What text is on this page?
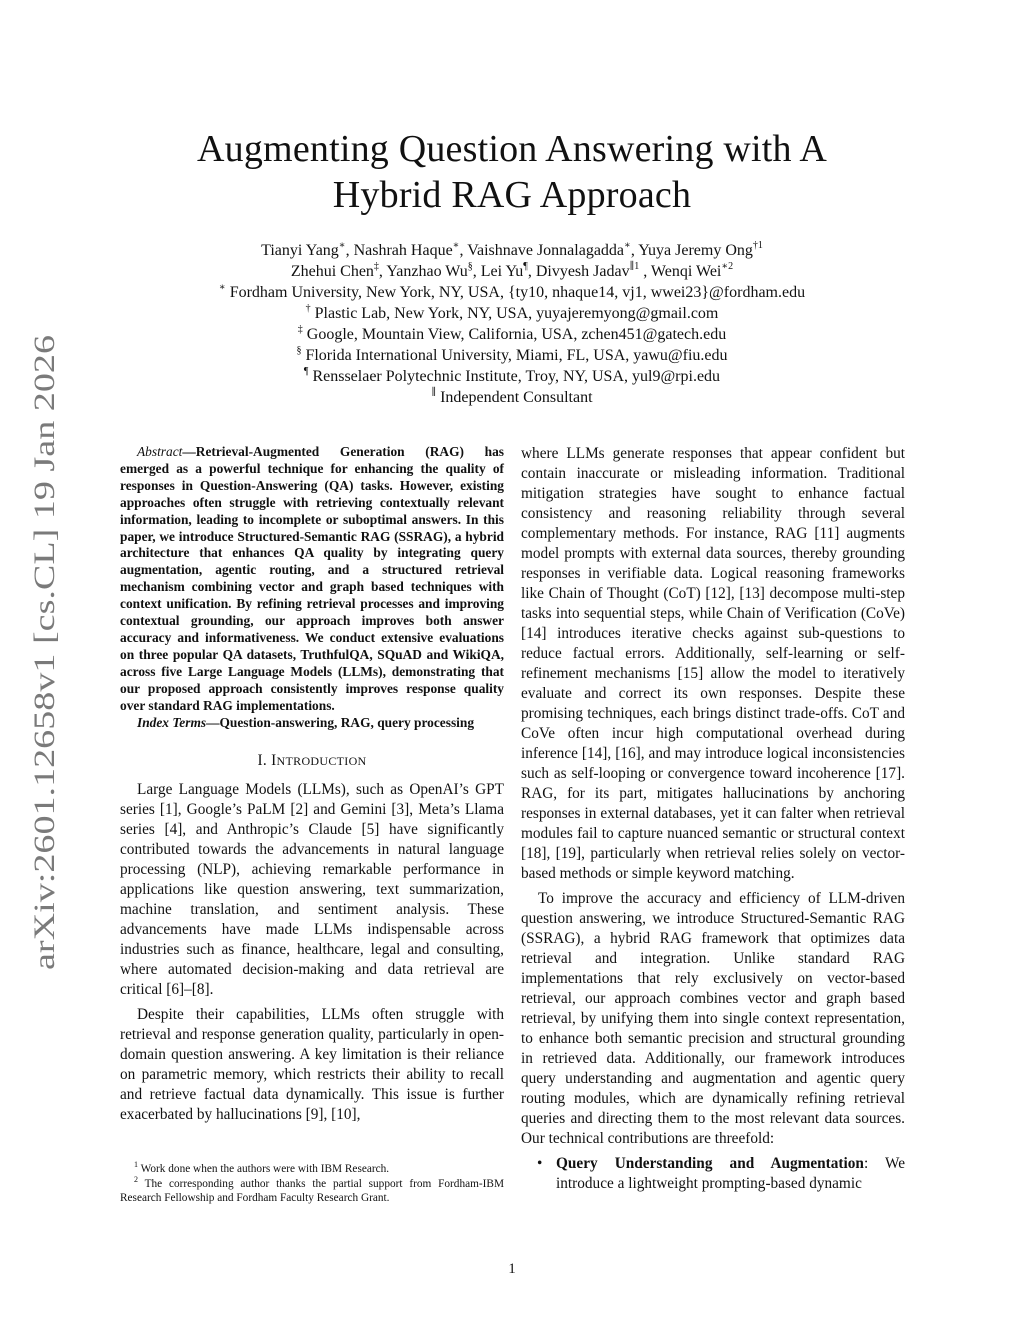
arXiv:2601.12658v1 [cs.CL] 19 Jan 2026
Augmenting Question Answering with A
Hybrid RAG Approach
Tianyi Yang∗, Nashrah Haque∗, Vaishnave Jonnalagadda∗, Yuya Jeremy Ong$^{\dagger 1}$
Zhehui Chen‡, Yanzhao Wu§, Lei Yu¶, Divyesh Jadav$^{\parallel 1}$ , Wenqi Wei$^{∗2}$
∗ Fordham University, New York, NY, USA, {ty10, nhaque14, vj1, wwei23}@fordham.edu
† Plastic Lab, New York, NY, USA, yuyajeremyong@gmail.com
‡ Google, Mountain View, California, USA, zchen451@gatech.edu
§ Florida International University, Miami, FL, USA, yawu@fiu.edu
¶ Rensselaer Polytechnic Institute, Troy, NY, USA, yul9@rpi.edu
∥ Independent Consultant

Abstract—Retrieval-Augmented Generation (RAG) has emerged as a powerful technique for enhancing the quality of responses in Question-Answering (QA) tasks. However, existing approaches often struggle with retrieving contextually relevant information, leading to incomplete or suboptimal answers. In this paper, we introduce Structured-Semantic RAG (SSRAG), a hybrid architecture that enhances QA quality by integrating query augmentation, agentic routing, and a structured retrieval mechanism combining vector and graph based techniques with context unification. By refining retrieval processes and improving contextual grounding, our approach improves both answer accuracy and informativeness. We conduct extensive evaluations on three popular QA datasets, TruthfulQA, SQuAD and WikiQA, across five Large Language Models (LLMs), demonstrating that our proposed approach consistently improves response quality over standard RAG implementations.

Index Terms—Question-answering, RAG, query processing

I. INTRODUCTION

Large Language Models (LLMs), such as OpenAI’s GPT series [1], Google’s PaLM [2] and Gemini [3], Meta’s Llama series [4], and Anthropic’s Claude [5] have significantly contributed towards the advancements in natural language processing (NLP), achieving remarkable performance in applications like question answering, text summarization, machine translation, and sentiment analysis. These advancements have made LLMs indispensable across industries such as finance, healthcare, legal and consulting, where automated decision-making and data retrieval are critical [6]–[8].

Despite their capabilities, LLMs often struggle with retrieval and response generation quality, particularly in open-domain question answering. A key limitation is their reliance on parametric memory, which restricts their ability to recall and retrieve factual data dynamically. This issue is further exacerbated by hallucinations [9], [10],

where LLMs generate responses that appear confident but contain inaccurate or misleading information. Traditional mitigation strategies have sought to enhance factual consistency and reasoning reliability through several complementary methods. For instance, RAG [11] augments model prompts with external data sources, thereby grounding responses in verifiable data. Logical reasoning frameworks like Chain of Thought (CoT) [12], [13] decompose multi-step tasks into sequential steps, while Chain of Verification (CoVe) [14] introduces iterative checks against sub-questions to reduce factual errors. Additionally, self-learning or self-refinement mechanisms [15] allow the model to iteratively evaluate and correct its own responses. Despite these promising techniques, each brings distinct trade-offs. CoT and CoVe often incur high computational overhead during inference [14], [16], and may introduce logical inconsistencies such as self-looping or convergence toward incoherence [17]. RAG, for its part, mitigates hallucinations by anchoring responses in external databases, yet it can falter when retrieval modules fail to capture nuanced semantic or structural context [18], [19], particularly when retrieval relies solely on vector-based methods or simple keyword matching.

To improve the accuracy and efficiency of LLM-driven question answering, we introduce Structured-Semantic RAG (SSRAG), a hybrid RAG framework that optimizes data retrieval and integration. Unlike standard RAG implementations that rely exclusively on vector-based retrieval, our approach combines vector and graph based retrieval, by unifying them into single context representation, to enhance both semantic precision and structural grounding in retrieved data. Additionally, our framework introduces query understanding and augmentation and agentic query routing modules, which are dynamically refining retrieval queries and directing them to the most relevant data sources. Our technical contributions are threefold:

• Query Understanding and Augmentation: We introduce a lightweight prompting-based dynamic

$^1$ Work done when the authors were with IBM Research.

$^2$ The corresponding author thanks the partial support from Fordham-IBM Research Fellowship and Fordham Faculty Research Grant.

1
